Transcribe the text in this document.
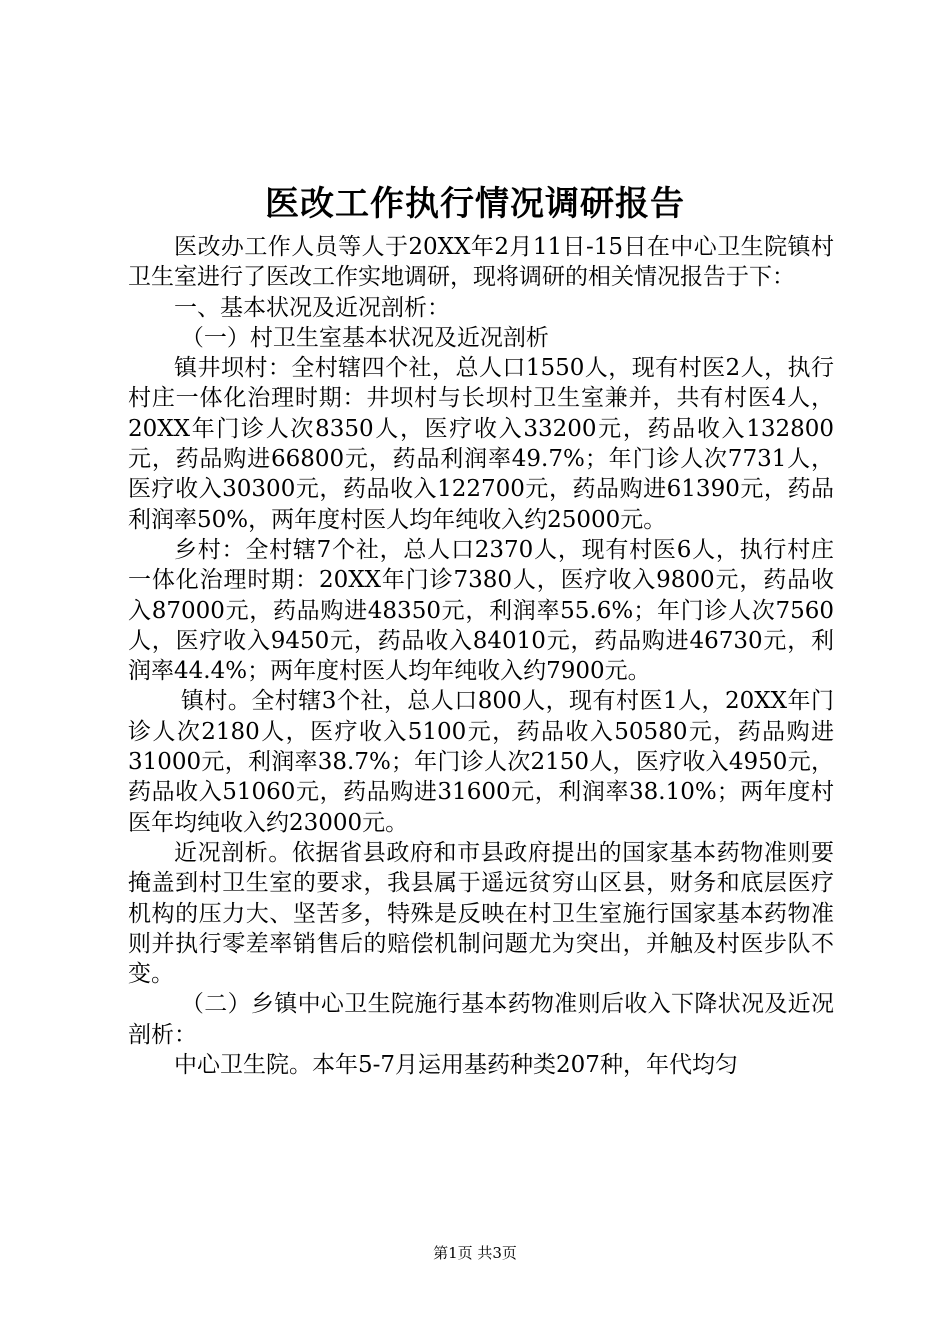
医改工作执行情况调研报告

医改办工作人员等人于20XX年2月11日-15日在中心卫生院镇村卫生室进行了医改工作实地调研，现将调研的相关情况报告于下：

一、基本状况及近况剖析：

（一）村卫生室基本状况及近况剖析

镇井坝村：全村辖四个社，总人口1550人，现有村医2人，执行村庄一体化治理时期：井坝村与长坝村卫生室兼并，共有村医4人，20XX年门诊人次8350人，医疗收入33200元，药品收入132800元，药品购进66800元，药品利润率49.7%；年门诊人次7731人，医疗收入30300元，药品收入122700元，药品购进61390元，药品利润率50%，两年度村医人均年纯收入约25000元。

乡村：全村辖7个社，总人口2370人，现有村医6人，执行村庄一体化治理时期：20XX年门诊7380人，医疗收入9800元，药品收入87000元，药品购进48350元，利润率55.6%；年门诊人次7560人，医疗收入9450元，药品收入84010元，药品购进46730元，利润率44.4%；两年度村医人均年纯收入约7900元。

镇村。全村辖3个社，总人口800人，现有村医1人，20XX年门诊人次2180人，医疗收入5100元，药品收入50580元，药品购进31000元，利润率38.7%；年门诊人次2150人，医疗收入4950元，药品收入51060元，药品购进31600元，利润率38.10%；两年度村医年均纯收入约23000元。

近况剖析。依据省县政府和市县政府提出的国家基本药物准则要掩盖到村卫生室的要求，我县属于遥远贫穷山区县，财务和底层医疗机构的压力大、坚苦多，特殊是反映在村卫生室施行国家基本药物准则并执行零差率销售后的赔偿机制问题尤为突出，并触及村医步队不变。

（二）乡镇中心卫生院施行基本药物准则后收入下降状况及近况剖析：

中心卫生院。本年5-7月运用基药种类207种，年代均匀

第1页 共3页
